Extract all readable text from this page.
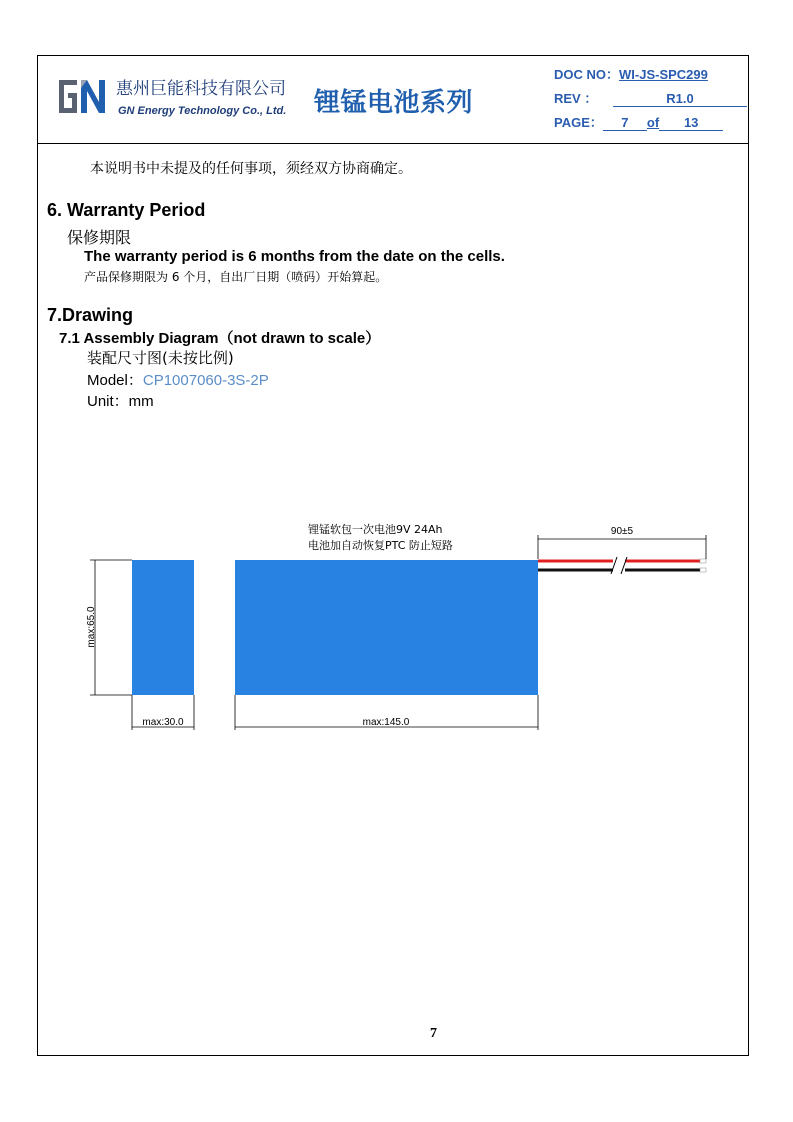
惠州巨能科技有限公司
GN Energy Technology Co., Ltd. 锂锰电池系列
DOC NO：WI-JS-SPC299
REV ：	R1.0
PAGE： 7 of 13
本说明书中未提及的任何事项，须经双方协商确定。
6. Warranty Period
保修期限
The warranty period is 6 months from the date on the cells.
产品保修期限为 6 个月，自出厂日期（喷码）开始算起。
7.Drawing
7.1 Assembly Diagram（not drawn to scale）
装配尺寸图(未按比例)
Model：CP1007060-3S-2P
Unit：mm
锂锰软包一次电池9V 24Ah
电池加自动恢复PTC 防止短路
90±5
max:65.0
max:30.0	max:145.0
7
